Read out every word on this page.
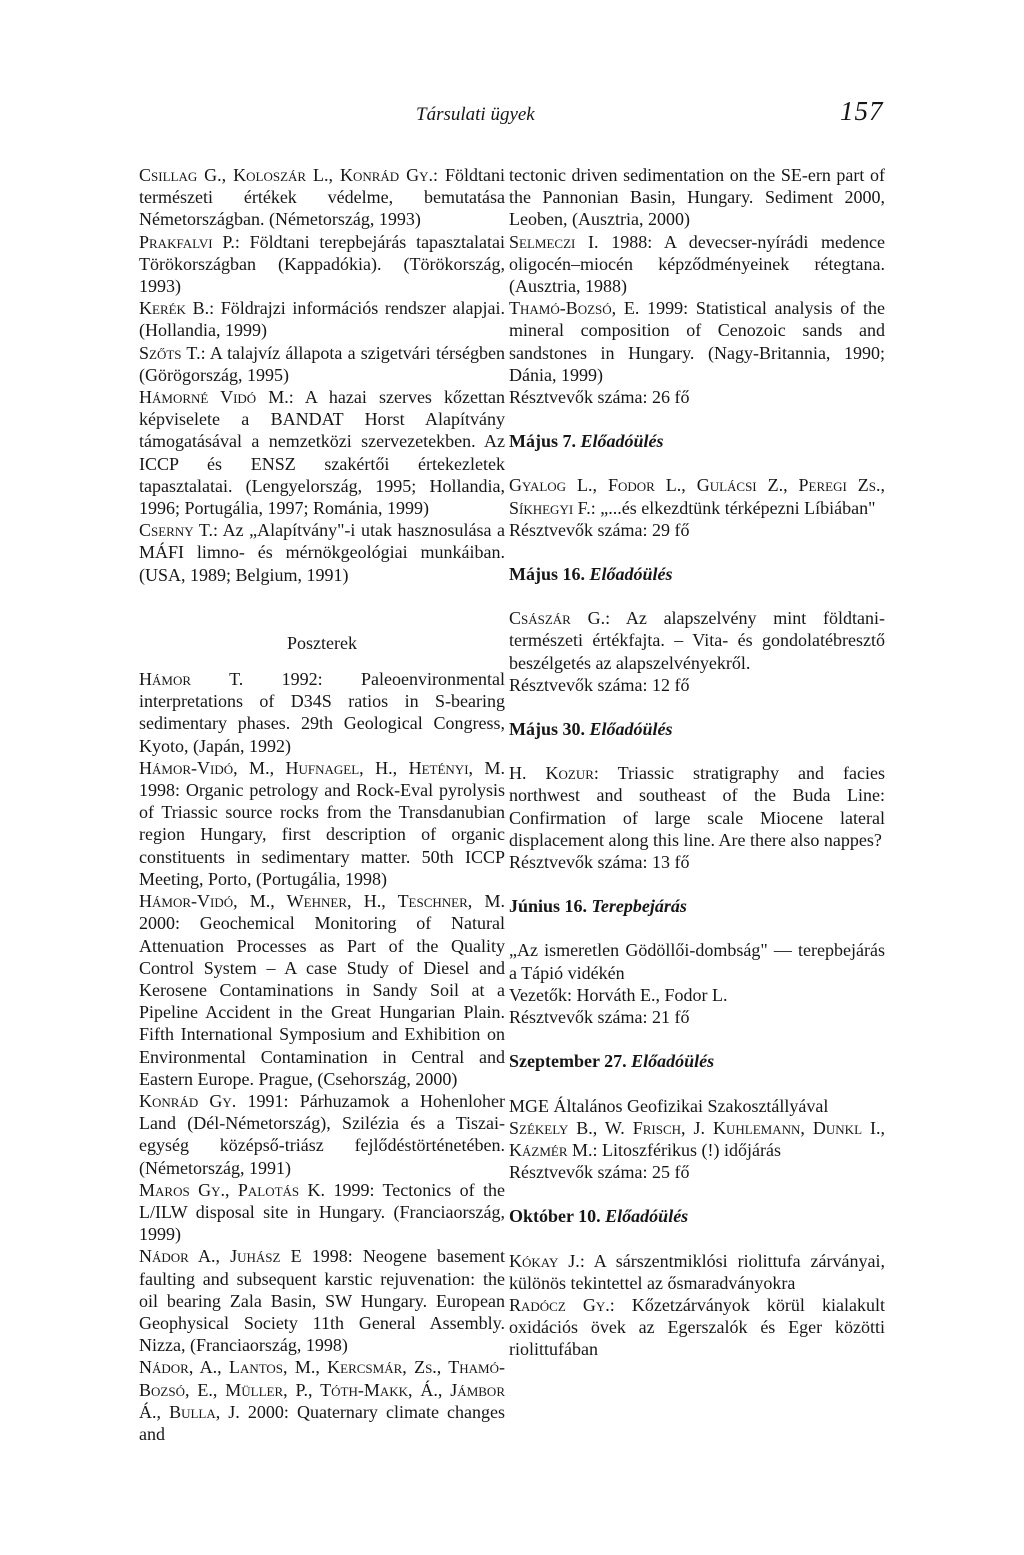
Társulati ügyek	157

Csillag G., Koloszár L., Konrád Gy.: Földtani természeti értékek védelme, bemutatása Németországban. (Németország, 1993)

Prakfalvi P.: Földtani terepbejárás tapasztalatai Törökországban (Kappadókia). (Törökország, 1993)

Kerék B.: Földrajzi információs rendszer alapjai. (Hollandia, 1999)

Szőts T.: A talajvíz állapota a szigetvári térségben (Görögország, 1995)

Hámorné Vidó M.: A hazai szerves kőzettan képviselete a BANDAT Horst Alapítvány támogatásával a nemzetközi szervezetekben. Az ICCP és ENSZ szakértői értekezletek tapasztalatai. (Lengyelország, 1995; Hollandia, 1996; Portugália, 1997; Románia, 1999)

Cserny T.: Az „Alapítvány"-i utak hasznosulása a MÁFI limno- és mérnökgeológiai munkáiban. (USA, 1989; Belgium, 1991)

Poszterek

Hámor T. 1992: Paleoenvironmental interpretations of D34S ratios in S-bearing sedimentary phases. 29th Geological Congress, Kyoto, (Japán, 1992)

Hámor-Vidó, M., Hufnagel, H., Hetényi, M. 1998: Organic petrology and Rock-Eval pyrolysis of Triassic source rocks from the Transdanubian region Hungary, first description of organic constituents in sedimentary matter. 50th ICCP Meeting, Porto, (Portugália, 1998)

Hámor-Vidó, M., Wehner, H., Teschner, M. 2000: Geochemical Monitoring of Natural Attenuation Processes as Part of the Quality Control System – A case Study of Diesel and Kerosene Contaminations in Sandy Soil at a Pipeline Accident in the Great Hungarian Plain. Fifth International Symposium and Exhibition on Environmental Contamination in Central and Eastern Europe. Prague, (Csehország, 2000)

Konrád Gy. 1991: Párhuzamok a Hohenloher Land (Dél-Németország), Szilézia és a Tiszai-egység középső-triász fejlődéstörténetében. (Németország, 1991)

Maros Gy., Palotás K. 1999: Tectonics of the L/ILW disposal site in Hungary. (Franciaország, 1999)

Nádor A., Juhász E 1998: Neogene basement faulting and subsequent karstic rejuvenation: the oil bearing Zala Basin, SW Hungary. European Geophysical Society 11th General Assembly. Nizza, (Franciaország, 1998)

Nádor, A., Lantos, M., Kercsmár, Zs., Thamó-Bozsó, E., Müller, P., Tóth-Makk, Á., Jámbor Á., Bulla, J. 2000: Quaternary climate changes and

tectonic driven sedimentation on the SE-ern part of the Pannonian Basin, Hungary. Sediment 2000, Leoben, (Ausztria, 2000)

Selmeczi I. 1988: A devecser-nyírádi medence oligocén–miocén képződményeinek rétegtana. (Ausztria, 1988)

Thamó-Bozsó, E. 1999: Statistical analysis of the mineral composition of Cenozoic sands and sandstones in Hungary. (Nagy-Britannia, 1990; Dánia, 1999)

Résztvevők száma: 26 fő

Május 7. Előadóülés

Gyalog L., Fodor L., Gulácsi Z., Peregi Zs., Síkhegyi F.: „...és elkezdtünk térképezni Líbiában"

Résztvevők száma: 29 fő

Május 16. Előadóülés

Császár G.: Az alapszelvény mint földtani-természeti értékfajta. – Vita- és gondolatébresztő beszélgetés az alapszelvényekről.

Résztvevők száma: 12 fő

Május 30. Előadóülés

H. Kozur: Triassic stratigraphy and facies northwest and southeast of the Buda Line: Confirmation of large scale Miocene lateral displacement along this line. Are there also nappes?

Résztvevők száma: 13 fő

Június 16. Terepbejárás

„Az ismeretlen Gödöllői-dombság" — terepbejárás a Tápió vidékén

Vezetők: Horváth E., Fodor L.

Résztvevők száma: 21 fő

Szeptember 27. Előadóülés

MGE Általános Geofizikai Szakosztállyával

Székely B., W. Frisch, J. Kuhlemann, Dunkl I., Kázmér M.: Litoszférikus (!) időjárás

Résztvevők száma: 25 fő

Október 10. Előadóülés

Kókay J.: A sárszentmiklósi riolittufa zárványai, különös tekintettel az ősmaradványokra

Radócz Gy.: Kőzetzárványok körül kialakult oxidációs övek az Egerszalók és Eger közötti riolittufában
